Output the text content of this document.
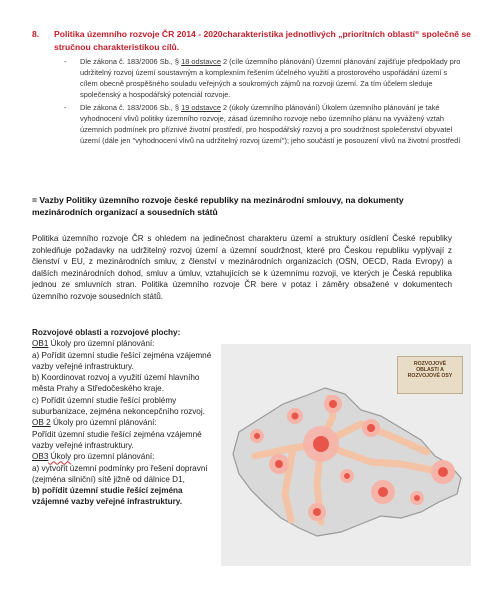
8. Politika územního rozvoje ČR 2014 - 2020charakteristika jednotlivých „prioritních oblastí“ společně se stručnou charakteristikou cílů.
- Dle zákona č. 183/2006 Sb., § 18 odstavce 2 (cíle územního plánování) Územní plánování zajišťuje předpoklady pro udržitelný rozvoj území soustavným a komplexním řešením účelného využití a prostorového uspořádání území s cílem obecně prospěšného souladu veřejných a soukromých zájmů na rozvoji území. Za tím účelem sleduje společenský a hospodářský potenciál rozvoje.
- Dle zákona č. 183/2006 Sb., § 19 odstavce 2 (úkoly územního plánování) Úkolem územního plánování je také vyhodnocení vlivů politiky územního rozvoje, zásad územního rozvoje nebo územního plánu na vyvážený vztah územních podmínek pro příznivé životní prostředí, pro hospodářský rozvoj a pro soudržnost společenství obyvatel území (dále jen "vyhodnocení vlivů na udržitelný rozvoj území"); jeho součástí je posouzení vlivů na životní prostředí
= Vazby Politiky územního rozvoje české republiky na mezinárodní smlouvy, na dokumenty mezinárodních organizací a sousedních států
Politika územního rozvoje ČR s ohledem na jedinečnost charakteru území a struktury osídlení České republiky zohledňuje požadavky na udržitelný rozvoj území a územní soudržnost, které pro Českou republiku vyplývají z členství v EU, z mezinárodních smluv, z členství v mezinárodních organizacích (OSN, OECD, Rada Evropy) a dalších mezinárodních dohod, smluv a úmluv, vztahujících se k územnímu rozvoji, ve kterých je Česká republika jednou ze smluvních stran. Politika územního rozvoje ČR bere v potaz i záměry obsažené v dokumentech územního rozvoje sousedních států.

Rozvojové oblasti a rozvojové plochy:

OB1 Úkoly pro územní plánování:

a) Pořídit územní studie řešící zejména vzájemné vazby veřejné infrastruktury.

b) Koordinovat rozvoj a využití území hlavního města Prahy a Středočeského kraje.

c) Pořídit územní studie řešící problémy suburbanizace, zejména nekoncepčního rozvoj.

OB 2 Úkoly pro územní plánování:

Pořídit územní studie řešící zejména vzájemné vazby veřejné infrastruktury.

OB3 Úkoly pro územní plánování:

a) vytvořit územní podmínky pro řešení dopravní (zejména silniční) sítě jižně od dálnice D1,

b) pořídit územní studie řešící zejména vzájemné vazby veřejné infrastruktury.

ROZVOJOVÉ OBLASTI A ROZVOJOVÉ OSY
